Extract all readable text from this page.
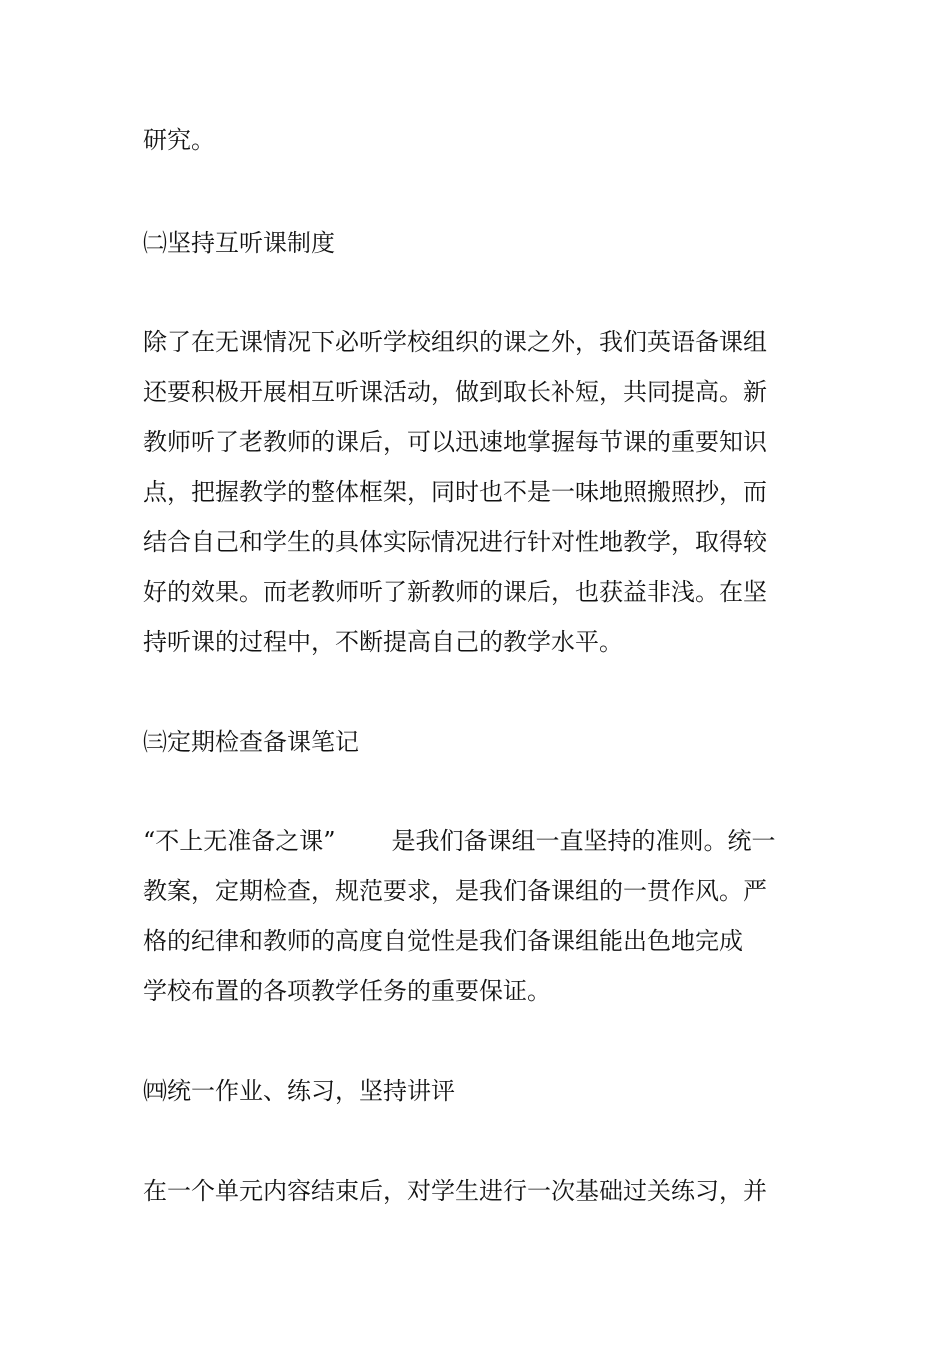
研究。

㈡坚持互听课制度

除了在无课情况下必听学校组织的课之外，我们英语备课组

还要积极开展相互听课活动，做到取长补短，共同提高。新

教师听了老教师的课后，可以迅速地掌握每节课的重要知识

点，把握教学的整体框架，同时也不是一味地照搬照抄，而

结合自己和学生的具体实际情况进行针对性地教学，取得较

好的效果。而老教师听了新教师的课后，也获益非浅。在坚

持听课的过程中，不断提高自己的教学水平。

㈢定期检查备课笔记

“不上无准备之课” 是我们备课组一直坚持的准则。统一

教案，定期检查，规范要求，是我们备课组的一贯作风。严

格的纪律和教师的高度自觉性是我们备课组能出色地完成

学校布置的各项教学任务的重要保证。

㈣统一作业、练习，坚持讲评

在一个单元内容结束后，对学生进行一次基础过关练习，并
